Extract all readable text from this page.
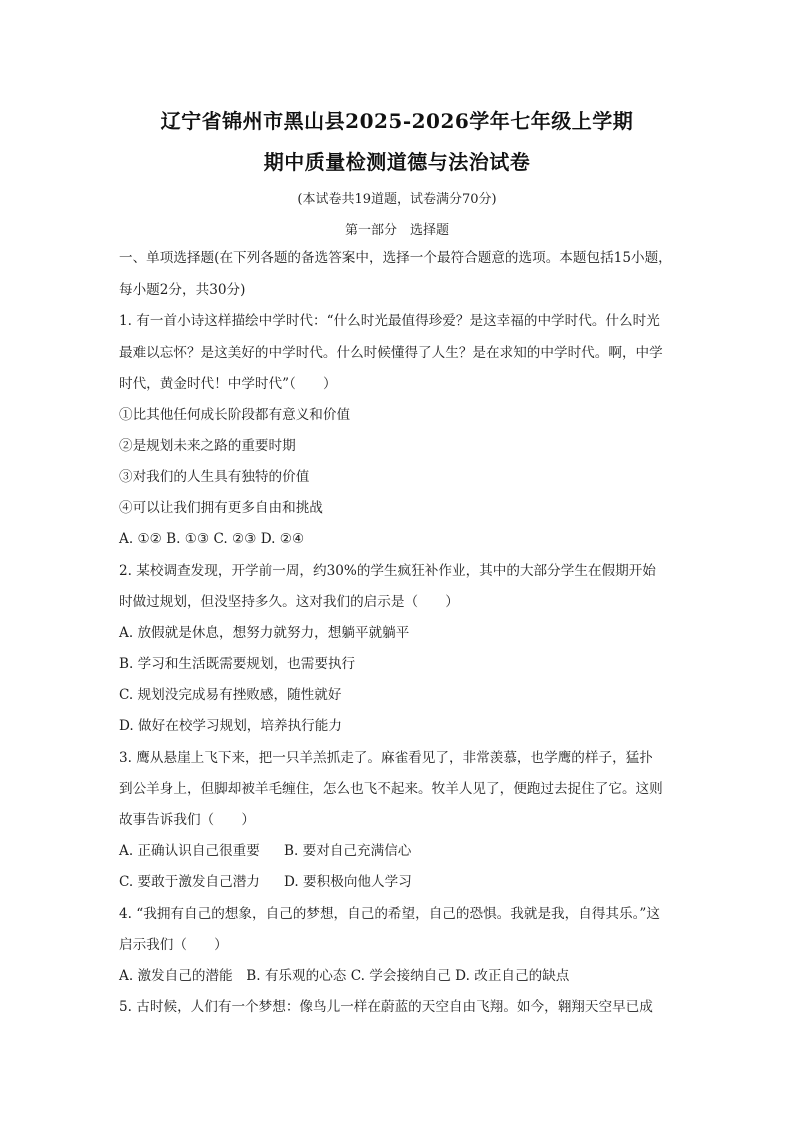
辽宁省锦州市黑山县2025-2026学年七年级上学期
期中质量检测道德与法治试卷
(本试卷共19道题，试卷满分70分)
第一部分　选择题
一、单项选择题(在下列各题的备选答案中，选择一个最符合题意的选项。本题包括15小题，
每小题2分，共30分)
1. 有一首小诗这样描绘中学时代：“什么时光最值得珍爱？是这幸福的中学时代。什么时光
最难以忘怀？是这美好的中学时代。什么时候懂得了人生？是在求知的中学时代。啊，中学
时代，黄金时代！中学时代”（　　）
①比其他任何成长阶段都有意义和价值
②是规划未来之路的重要时期
③对我们的人生具有独特的价值
④可以让我们拥有更多自由和挑战
A. ①② B. ①③ C. ②③ D. ②④
2. 某校调查发现，开学前一周，约30%的学生疯狂补作业，其中的大部分学生在假期开始
时做过规划，但没坚持多久。这对我们的启示是（　　）
A. 放假就是休息，想努力就努力，想躺平就躺平
B. 学习和生活既需要规划，也需要执行
C. 规划没完成易有挫败感，随性就好
D. 做好在校学习规划，培养执行能力
3. 鹰从悬崖上飞下来，把一只羊羔抓走了。麻雀看见了，非常羡慕，也学鹰的样子，猛扑
到公羊身上，但脚却被羊毛缠住，怎么也飞不起来。牧羊人见了，便跑过去捉住了它。这则
故事告诉我们（　　）
A. 正确认识自己很重要 B. 要对自己充满信心
C. 要敢于激发自己潜力 D. 要积极向他人学习
4. “我拥有自己的想象，自己的梦想，自己的希望，自己的恐惧。我就是我，自得其乐。”这
启示我们（　　）
A. 激发自己的潜能　B. 有乐观的心态 C. 学会接纳自己 D. 改正自己的缺点
5. 古时候，人们有一个梦想：像鸟儿一样在蔚蓝的天空自由飞翔。如今，翱翔天空早已成
